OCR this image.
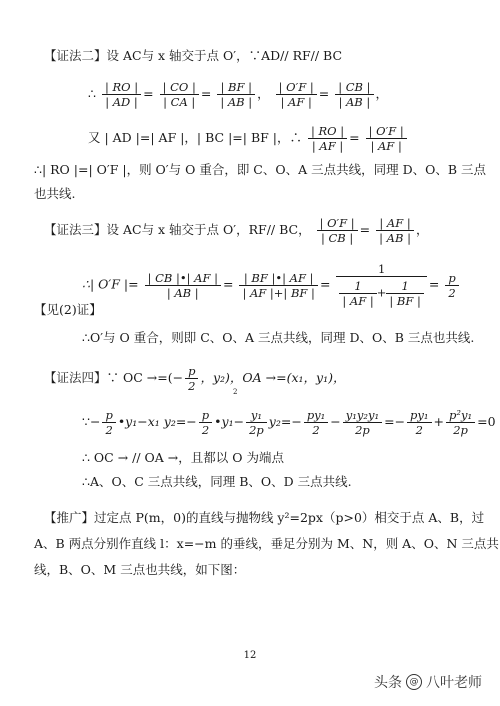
【证法二】设 AC与 x 轴交于点 O′，∵AD// RF// BC
∴ $\frac{| RO |}{| AD |} = \frac{| CO |}{| CA |} = \frac{| BF |}{| AB |}$ ， $\frac{| O'F |}{| AF |} = \frac{| CB |}{| AB |}$ ，
又 | AD |=| AF |，| BC |=| BF |，∴ $\frac{| RO |}{| AF |} = \frac{| O'F |}{| AF |}$
∴| RO |=| O′F |，则 O′与 O 重合，即 C、O、A 三点共线，同理 D、O、B 三点
也共线.
【证法三】设 AC与 x 轴交于点 O′，RF// BC， $\frac{| O'F |}{| CB |} = \frac{| AF |}{| AB |}$ ，
∴| O′F |= $\frac{| CB |•| AF |}{| AB |} = \frac{| BF |•| AF |}{| AF |+| BF |} = \frac{1}{\frac{1}{| AF |} + \frac{1}{| BF |}} = \frac{p}{2}$
【见(2)证】
∴O′与 O 重合，则即 C、O、A 三点共线，同理 D、O、B 三点也共线.
【证法四】∵ OC →=(− $\frac{p}{2}$ ，y₂)，OA →=(x₁，y₁)，
2
∵− $\frac{p}{2}$ •y₁−x₁ $y_2=- \frac{p}{2}$ •y₁− $\frac{\text{y₁}}{2p} y_2=- \frac{\text{py₁}}{2} - \frac{\text{y₁y₂y₁}}{2p} =- \frac{\text{py₁}}{2} + \frac{\text{p²y₁}}{2p} =0$
∴ OC → // OA →，且都以 O 为端点
∴A、O、C 三点共线，同理 B、O、D 三点共线.
【推广】过定点 P(m，0)的直线与抛物线 y²=2px（p>0）相交于点 A、B，过
A、B 两点分别作直线 l：x=−m 的垂线，垂足分别为 M、N，则 A、O、N 三点共
线，B、O、M 三点也共线，如下图：
12
头条 @ 八叶老师
